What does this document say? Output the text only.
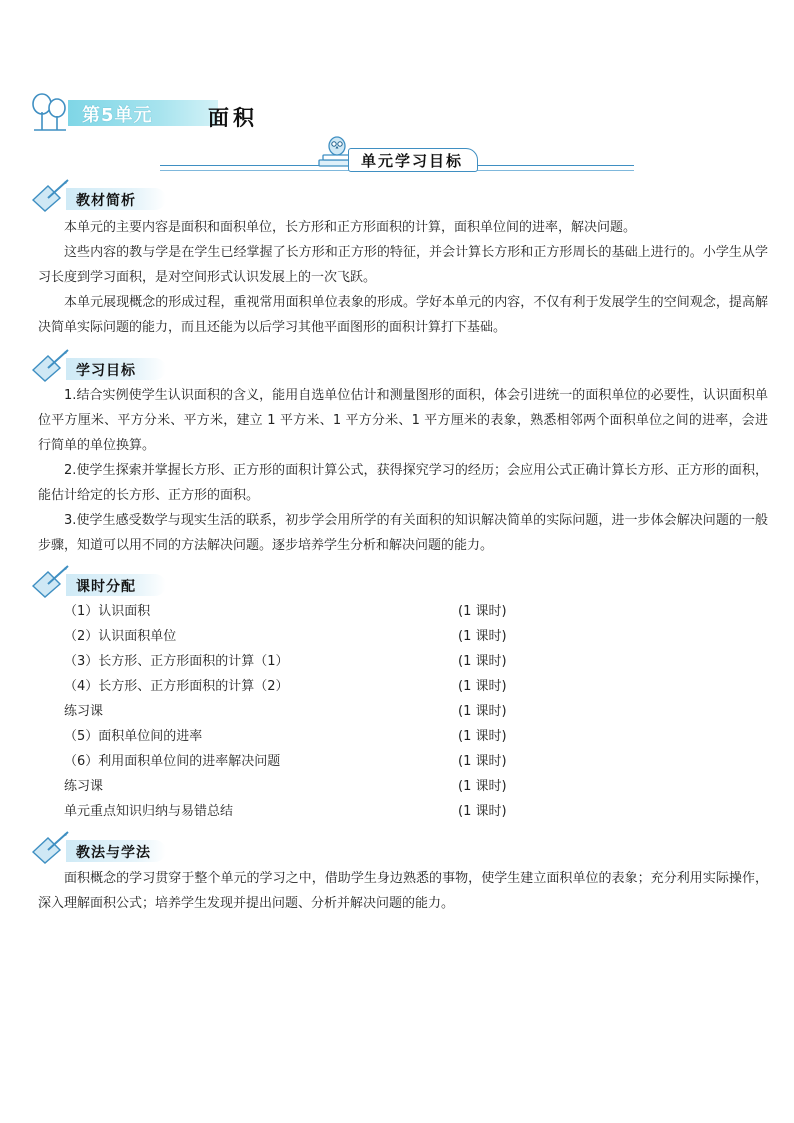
第5单元	面积
单元学习目标
教材简析

本单元的主要内容是面积和面积单位，长方形和正方形面积的计算，面积单位间的进率，解决问题。

这些内容的教与学是在学生已经掌握了长方形和正方形的特征，并会计算长方形和正方形周长的基础上进行的。小学生从学习长度到学习面积，是对空间形式认识发展上的一次飞跃。

本单元展现概念的形成过程，重视常用面积单位表象的形成。学好本单元的内容，不仅有利于发展学生的空间观念，提高解决简单实际问题的能力，而且还能为以后学习其他平面图形的面积计算打下基础。

学习目标

1.结合实例使学生认识面积的含义，能用自选单位估计和测量图形的面积，体会引进统一的面积单位的必要性，认识面积单位平方厘米、平方分米、平方米，建立 1 平方米、1 平方分米、1 平方厘米的表象，熟悉相邻两个面积单位之间的进率，会进行简单的单位换算。

2.使学生探索并掌握长方形、正方形的面积计算公式，获得探究学习的经历；会应用公式正确计算长方形、正方形的面积，能估计给定的长方形、正方形的面积。

3.使学生感受数学与现实生活的联系，初步学会用所学的有关面积的知识解决简单的实际问题，进一步体会解决问题的一般步骤，知道可以用不同的方法解决问题。逐步培养学生分析和解决问题的能力。

课时分配
（1）认识面积	(1 课时)
（2）认识面积单位	(1 课时)
（3）长方形、正方形面积的计算（1）	(1 课时)
（4）长方形、正方形面积的计算（2）	(1 课时)
练习课	(1 课时)
（5）面积单位间的进率	(1 课时)
（6）利用面积单位间的进率解决问题	(1 课时)
练习课	(1 课时)
单元重点知识归纳与易错总结	(1 课时)
教法与学法

面积概念的学习贯穿于整个单元的学习之中，借助学生身边熟悉的事物，使学生建立面积单位的表象；充分利用实际操作，深入理解面积公式；培养学生发现并提出问题、分析并解决问题的能力。
